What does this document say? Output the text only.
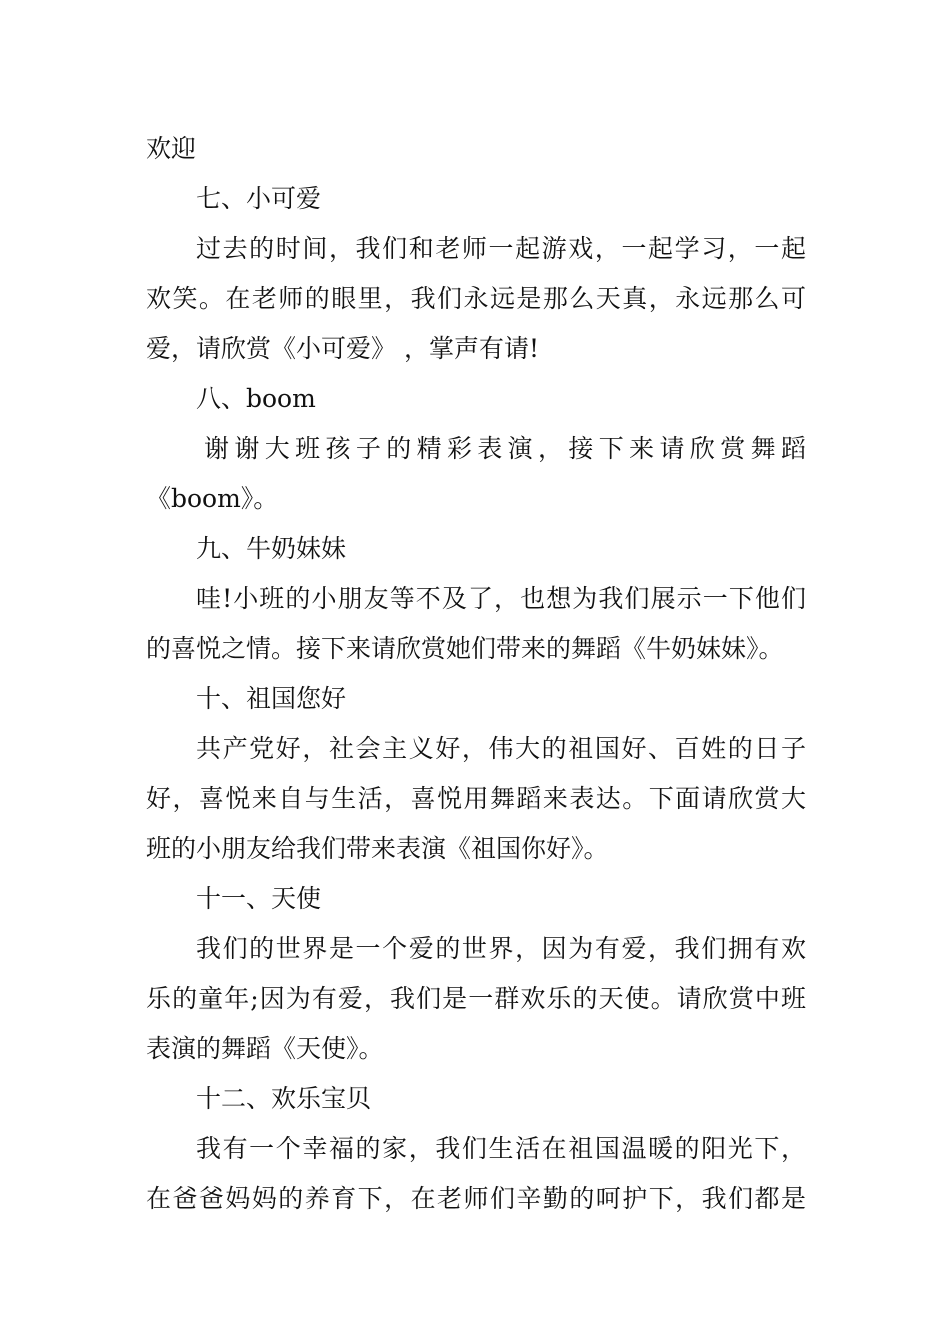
欢迎
七、小可爱
过去的时间，我们和老师一起游戏，一起学习，一起
欢笑。在老师的眼里，我们永远是那么天真，永远那么可
爱，请欣赏《小可爱》 ，掌声有请!
八、boom
谢谢大班孩子的精彩表演，接下来请欣赏舞蹈
《boom》。
九、牛奶妹妹
哇!小班的小朋友等不及了，也想为我们展示一下他们
的喜悦之情。接下来请欣赏她们带来的舞蹈《牛奶妹妹》。
十、祖国您好
共产党好，社会主义好，伟大的祖国好、百姓的日子
好，喜悦来自与生活，喜悦用舞蹈来表达。下面请欣赏大
班的小朋友给我们带来表演《祖国你好》。
十一、天使
我们的世界是一个爱的世界，因为有爱，我们拥有欢
乐的童年;因为有爱，我们是一群欢乐的天使。请欣赏中班
表演的舞蹈《天使》。
十二、欢乐宝贝
我有一个幸福的家，我们生活在祖国温暖的阳光下，
在爸爸妈妈的养育下，在老师们辛勤的呵护下，我们都是
